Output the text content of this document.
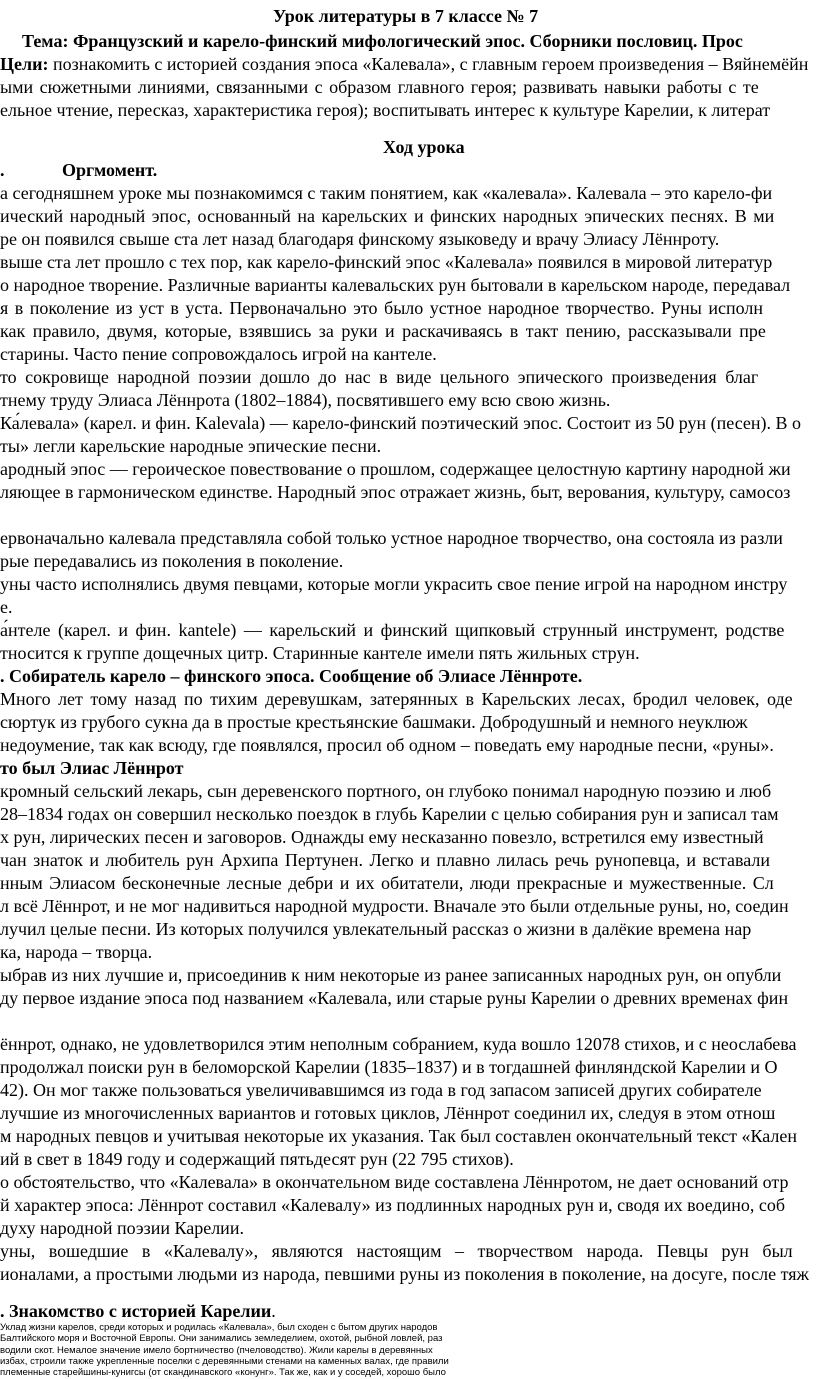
Урок литературы в 7 классе № 7
Тема: Французский и карело-финский мифологический эпос. Сборники пословиц. Прос
Цели: познакомить с историей создания эпоса «Калевала», с главным героем произведения – Вяйнемёйн
ыми сюжетными линиями, связанными с образом главного героя; развивать навыки работы с те
ельное чтение, пересказ, характеристика героя); воспитывать интерес к культуре Карелии, к литерат
Ход урока
.	Оргмомент.
а сегодняшнем уроке мы познакомимся с таким понятием, как «калевала». Калевала – это карело-фи
ический народный эпос, основанный на карельских и финских народных эпических песнях. В ми
ре он появился свыше ста лет назад благодаря финскому языковеду и врачу Элиасу Лённроту.
выше ста лет прошло с тех пор, как карело-финский эпос «Калевала» появился в мировой литератур
о народное творение. Различные варианты калевальских рун бытовали в карельском народе, передавал
я в поколение из уст в уста. Первоначально это было устное народное творчество. Руны исполн
как правило, двумя, которые, взявшись за руки и раскачиваясь в такт пению, рассказывали пре
старины. Часто пение сопровождалось игрой на кантеле.
то сокровище народной поэзии дошло до нас в виде цельного эпического произведения благ
тнему труду Элиаса Лённрота (1802–1884), посвятившего ему всю свою жизнь.
Ка́левала» (карел. и фин. Kalevala) — карело-финский поэтический эпос. Состоит из 50 рун (песен). В о
ты» легли карельские народные эпические песни.
ародный эпос — героическое повествование о прошлом, содержащее целостную картину народной жи
ляющее в гармоническом единстве. Народный эпос отражает жизнь, быт, верования, культуру, самосоз
ервоначально калевала представляла собой только устное народное творчество, она состояла из разли
рые передавались из поколения в поколение.
уны часто исполнялись двумя певцами, которые могли украсить свое пение игрой на народном инстру
е.
а́нтеле (карел. и фин. kantele) — карельский и финский щипковый струнный инструмент, родстве
тносится к группе дощечных цитр. Старинные кантеле имели пять жильных струн.
. Собиратель карело – финского эпоса. Сообщение об Элиасе Лённроте.
Много лет тому назад по тихим деревушкам, затерянных в Карельских лесах, бродил человек, оде
сюртук из грубого сукна да в простые крестьянские башмаки. Добродушный и немного неуклюж
недоумение, так как всюду, где появлялся, просил об одном – поведать ему народные песни, «руны».
то был Элиас Лённрот
кромный сельский лекарь, сын деревенского портного, он глубоко понимал народную поэзию и люб
28–1834 годах он совершил несколько поездок в глубь Карелии с целью собирания рун и записал там
х рун, лирических песен и заговоров. Однажды ему несказанно повезло, встретился ему известный
чан знаток и любитель рун Архипа Пертунен. Легко и плавно лилась речь рунопевца, и вставали
нным Элиасом бесконечные лесные дебри и их обитатели, люди прекрасные и мужественные. Сл
л всё Лённрот, и не мог надивиться народной мудрости. Вначале это были отдельные руны, но, соедин
лучил целые песни. Из которых получился увлекательный рассказ о жизни в далёкие времена нар
ка, народа – творца.
ыбрав из них лучшие и, присоединив к ним некоторые из ранее записанных народных рун, он опубли
ду первое издание эпоса под названием «Калевала, или старые руны Карелии о древних временах фин
ённрот, однако, не удовлетворился этим неполным собранием, куда вошло 12078 стихов, и с неослабева
продолжал поиски рун в беломорской Карелии (1835–1837) и в тогдашней финляндской Карелии и О
42). Он мог также пользоваться увеличивавшимся из года в год запасом записей других собирателе
лучшие из многочисленных вариантов и готовых циклов, Лённрот соединил их, следуя в этом отнош
м народных певцов и учитывая некоторые их указания. Так был составлен окончательный текст «Кален
ий в свет в 1849 году и содержащий пятьдесят рун (22 795 стихов).
о обстоятельство, что «Калевала» в окончательном виде составлена Лённротом, не дает оснований отр
й характер эпоса: Лённрот составил «Калевалу» из подлинных народных рун и, сводя их воедино, соб
духу народной поэзии Карелии.
уны, вошедшие в «Калевалу», являются настоящим – творчеством народа. Певцы рун был
ионалами, а простыми людьми из народа, певшими руны из поколения в поколение, на досуге, после тяж
. Знакомство с историей Карелии.
Уклад жизни карелов, среди которых и родилась «Калевала», был сходен с бытом других народов
Балтийского моря и Восточной Европы. Они занимались земледелием, охотой, рыбной ловлей, раз
водили скот. Немалое значение имело бортничество (пчеловодство). Жили карелы в деревянных
избах, строили также укрепленные поселки с деревянными стенами на каменных валах, где правили
племенные старейшины-кунигсы (от скандинавского «конунг». Так же, как и у соседей, хорошо было
